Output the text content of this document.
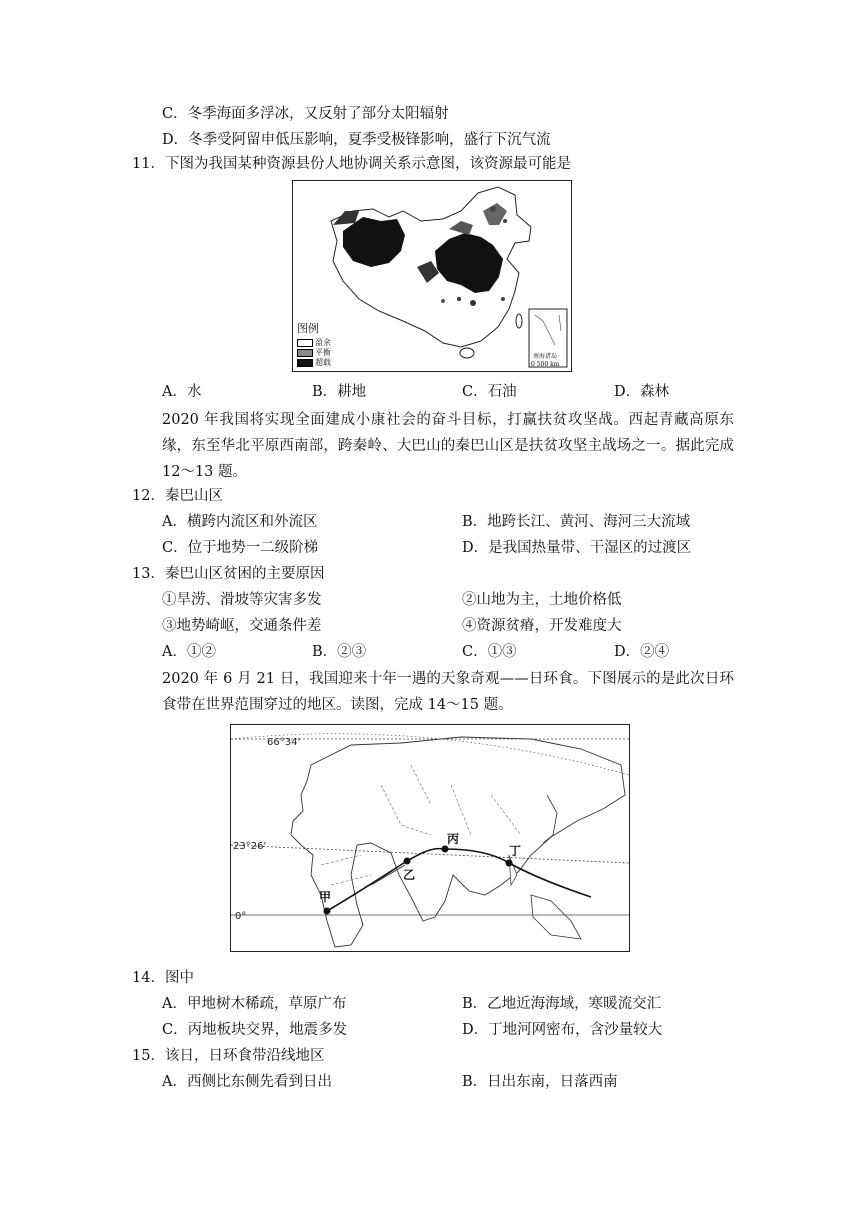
C．冬季海面多浮冰，又反射了部分太阳辐射
D．冬季受阿留申低压影响，夏季受极锋影响，盛行下沉气流
11．下图为我国某种资源县份人地协调关系示意图，该资源最可能是
图例
盈余
平衡
超载
南海诸岛
0 500 km
A．水	B．耕地	C．石油	D．森林
2020 年我国将实现全面建成小康社会的奋斗目标，打赢扶贫攻坚战。西起青藏高原东缘，东至华北平原西南部，跨秦岭、大巴山的秦巴山区是扶贫攻坚主战场之一。据此完成 12～13 题。
12．秦巴山区
A．横跨内流区和外流区	B．地跨长江、黄河、海河三大流域
C．位于地势一二级阶梯	D．是我国热量带、干湿区的过渡区
13．秦巴山区贫困的主要原因
①旱涝、滑坡等灾害多发	②山地为主，土地价格低
③地势崎岖，交通条件差	④资源贫瘠，开发难度大
A．①②	B．②③	C．①③	D．②④
2020 年 6 月 21 日，我国迎来十年一遇的天象奇观——日环食。下图展示的是此次日环食带在世界范围穿过的地区。读图，完成 14～15 题。
66°34'
23°26'
0°
甲
乙
丙
丁
14．图中
A．甲地树木稀疏，草原广布	B．乙地近海海域，寒暖流交汇
C．丙地板块交界，地震多发	D．丁地河网密布，含沙量较大
15．该日，日环食带沿线地区
A．西侧比东侧先看到日出	B．日出东南，日落西南
